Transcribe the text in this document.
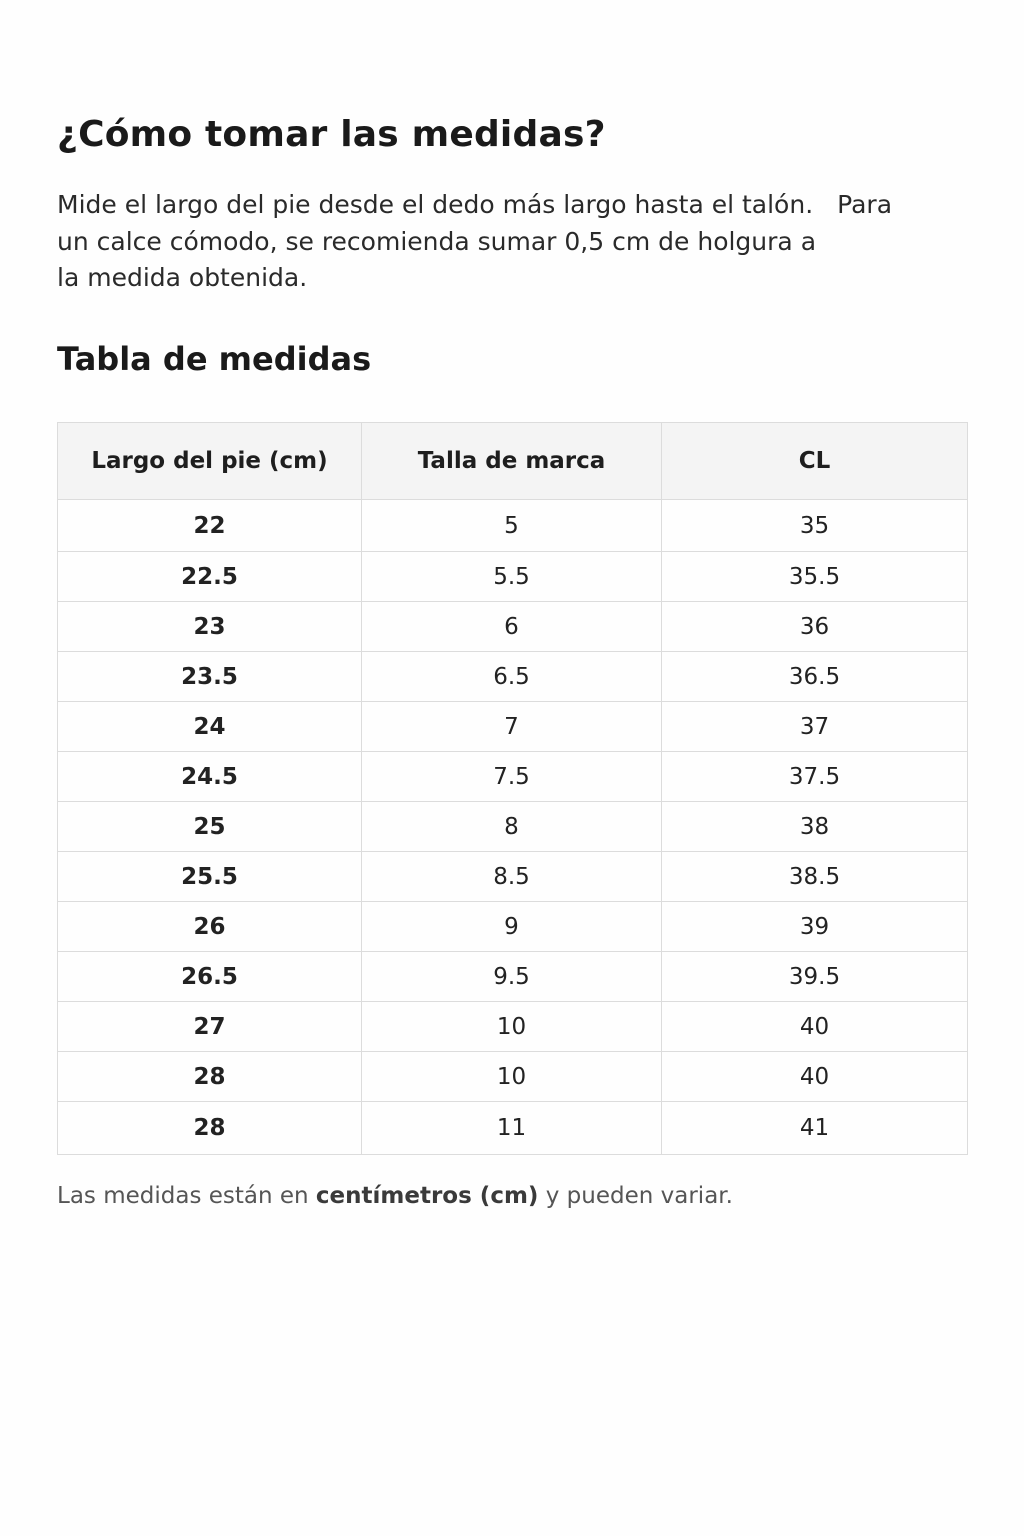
¿Cómo tomar las medidas?

Mide el largo del pie desde el dedo más largo hasta el talón. Para
un calce cómodo, se recomienda sumar 0,5 cm de holgura a
la medida obtenida.

Tabla de medidas
Largo del pie (cm)	Talla de marca	CL
22	5	35
22.5	5.5	35.5
23	6	36
23.5	6.5	36.5
24	7	37
24.5	7.5	37.5
25	8	38
25.5	8.5	38.5
26	9	39
26.5	9.5	39.5
27	10	40
28	10	40
28	11	41

Las medidas están en centímetros (cm) y pueden variar.
